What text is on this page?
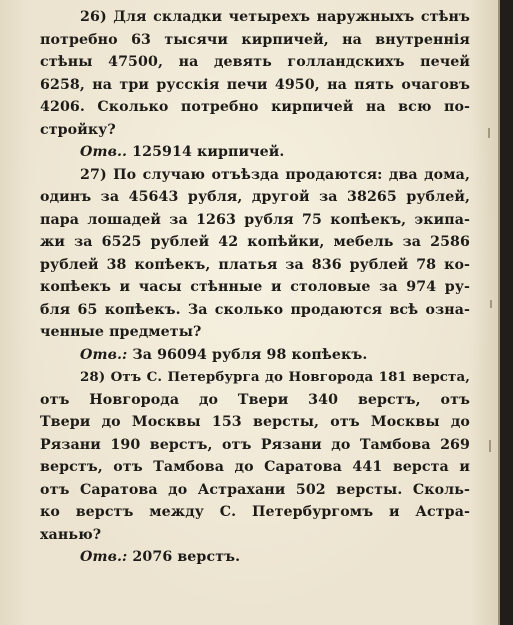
26) Для складки четырехъ наружныхъ стѣнъ
потребно 63 тысячи кирпичей, на внутреннія
стѣны 47500, на девять голландскихъ печей
6258, на три русскія печи 4950, на пять очаговъ
4206. Сколько потребно кирпичей на всю по-
стройку?
Отв.. 125914 кирпичей.
27) По случаю отъѣзда продаются: два дома,
одинъ за 45643 рубля, другой за 38265 рублей,
пара лошадей за 1263 рубля 75 копѣекъ, экипа-
жи за 6525 рублей 42 копѣйки, мебель за 2586
рублей 38 копѣекъ, платья за 836 рублей 78 ко-
копѣекъ и часы стѣнные и столовые за 974 ру-
бля 65 копѣекъ. За сколько продаются всѣ озна-
ченные предметы?
Отв.: За 96094 рубля 98 копѣекъ.
28) Отъ С. Петербурга до Новгорода 181 верста,
отъ Новгорода до Твери 340 верстъ, отъ
Твери до Москвы 153 версты, отъ Москвы до
Рязани 190 верстъ, отъ Рязани до Тамбова 269
верстъ, отъ Тамбова до Саратова 441 верста и
отъ Саратова до Астрахани 502 версты. Сколь-
ко верстъ между С. Петербургомъ и Астра-
ханью?
Отв.: 2076 верстъ.
